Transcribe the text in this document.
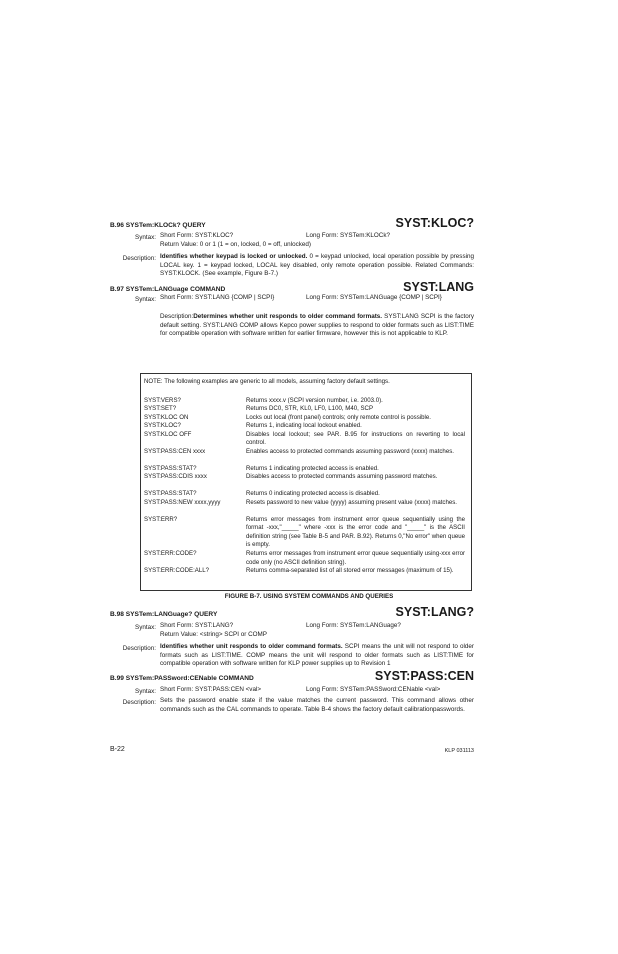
B.96 SYSTem:KLOCk? QUERY	SYST:KLOC?
Syntax: Short Form: SYST:KLOC?	Long Form: SYSTem:KLOCk?
Return Value: 0 or 1 (1 = on, locked, 0 = off, unlocked)
Description: Identifies whether keypad is locked or unlocked. 0 = keypad unlocked, local operation possible by pressing LOCAL key. 1 = keypad locked, LOCAL key disabled, only remote operation possible. Related Commands: SYST:KLOCK. (See example, Figure B-7.)
B.97 SYSTem:LANGuage COMMAND	SYST:LANG
Syntax: Short Form: SYST:LANG {COMP | SCPI}	Long Form: SYSTem:LANGuage {COMP | SCPI}
Description:Determines whether unit responds to older command formats. SYST:LANG SCPI is the factory default setting. SYST:LANG COMP allows Kepco power supplies to respond to older formats such as LIST:TIME for compatible operation with software written for earlier firmware, however this is not applicable to KLP.
NOTE: The following examples are generic to all models, assuming factory default settings.
SYST:VERS?	Returns xxxx.v (SCPI version number, i.e. 2003.0).
SYST:SET?	Returns DC0, STR, KL0, LF0, L100, M40, SCP
SYST:KLOC ON	Locks out local (front panel) controls; only remote control is possible.
SYST:KLOC?	Returns 1, indicating local lockout enabled.
SYST:KLOC OFF	Disables local lockout; see PAR. B.95 for instructions on reverting to local control.
SYST:PASS:CEN xxxx	Enables access to protected commands assuming password (xxxx) matches.
SYST:PASS:STAT?	Returns 1 indicating protected access is enabled.
SYST:PASS:CDIS xxxx	Disables access to protected commands assuming password matches.
SYST:PASS:STAT?	Returns 0 indicating protected access is disabled.
SYST:PASS:NEW xxxx,yyyy	Resets password to new value (yyyy) assuming present value (xxxx) matches.
SYST:ERR?	Returns error messages from instrument error queue sequentially using the format -xxx,"_____" where -xxx is the error code and "_____" is the ASCII definition string (see Table B-5 and PAR. B.92). Returns 0,"No error" when queue is empty.
SYST:ERR:CODE?	Returns error messages from instrument error queue sequentially using-xxx error code only (no ASCII definition string).
SYST:ERR:CODE:ALL?	Returns comma-separated list of all stored error messages (maximum of 15).
FIGURE B-7. USING SYSTEM COMMANDS AND QUERIES
B.98 SYSTem:LANGuage? QUERY	SYST:LANG?
Syntax: Short Form: SYST:LANG?	Long Form: SYSTem:LANGuage?
Return Value: <string> SCPI or COMP
Description: Identifies whether unit responds to older command formats. SCPI means the unit will not respond to older formats such as LIST:TIME. COMP means the unit will respond to older formats such as LIST:TIME for compatible operation with software written for KLP power supplies up to Revision 1
B.99 SYSTem:PASSword:CENable COMMAND	SYST:PASS:CEN
Syntax: Short Form: SYST:PASS:CEN <val>	Long Form: SYSTem:PASSword:CENable <val>
Description: Sets the password enable state if the value matches the current password. This command allows other commands such as the CAL commands to operate. Table B-4 shows the factory default calibrationpasswords.
B-22	KLP 031113
